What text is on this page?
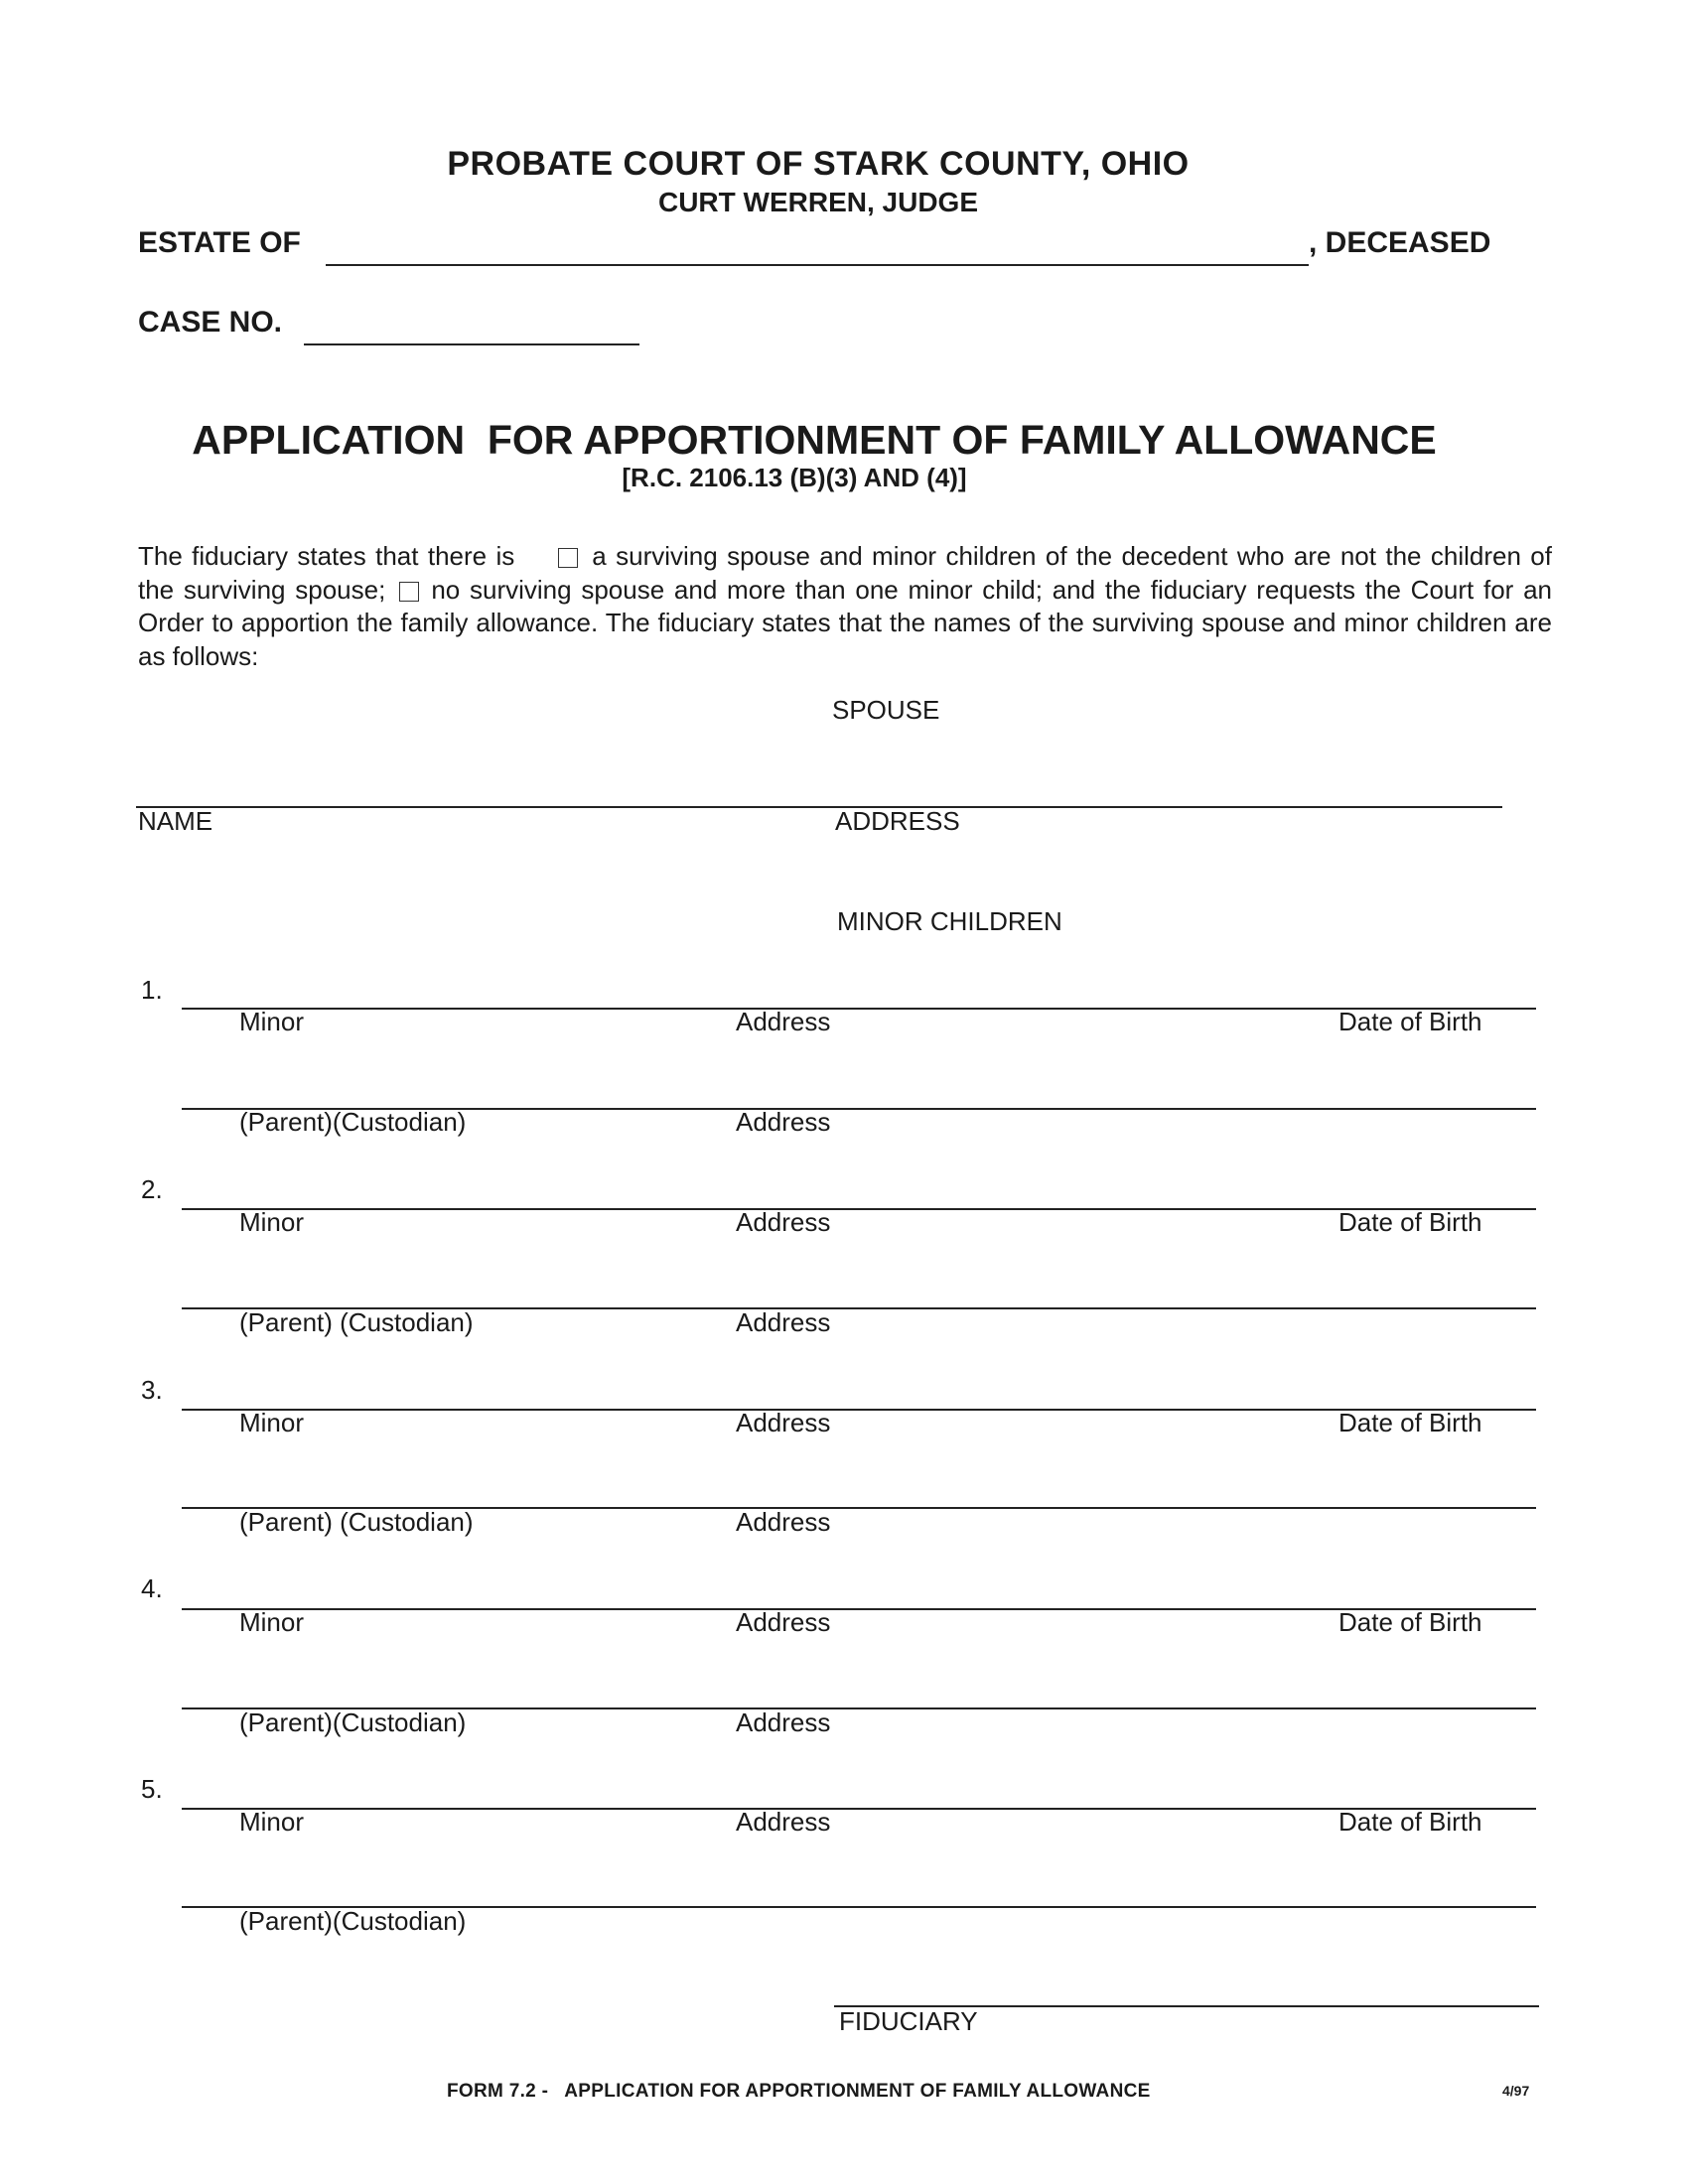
PROBATE COURT OF STARK COUNTY, OHIO
CURT WERREN, JUDGE
ESTATE OF	, DECEASED
CASE NO.
APPLICATION  FOR APPORTIONMENT OF FAMILY ALLOWANCE
[R.C. 2106.13 (B)(3) AND (4)]
The fiduciary states that there is	a surviving spouse and minor children of the decedent who are not the children of the surviving spouse; no surviving spouse and more than one minor child; and the fiduciary requests the Court for an Order to apportion the family allowance. The fiduciary states that the names of the surviving spouse and minor children are as follows:
SPOUSE
NAME	ADDRESS
MINOR CHILDREN
1.
Minor	Address	Date of Birth
(Parent)(Custodian)	Address
2.
Minor	Address	Date of Birth
(Parent) (Custodian)	Address
3.
Minor	Address	Date of Birth
(Parent) (Custodian)	Address
4.
Minor	Address	Date of Birth
(Parent)(Custodian)	Address
5.
Minor	Address	Date of Birth
(Parent)(Custodian)
FIDUCIARY
FORM 7.2 -   APPLICATION FOR APPORTIONMENT OF FAMILY ALLOWANCE	4/97
